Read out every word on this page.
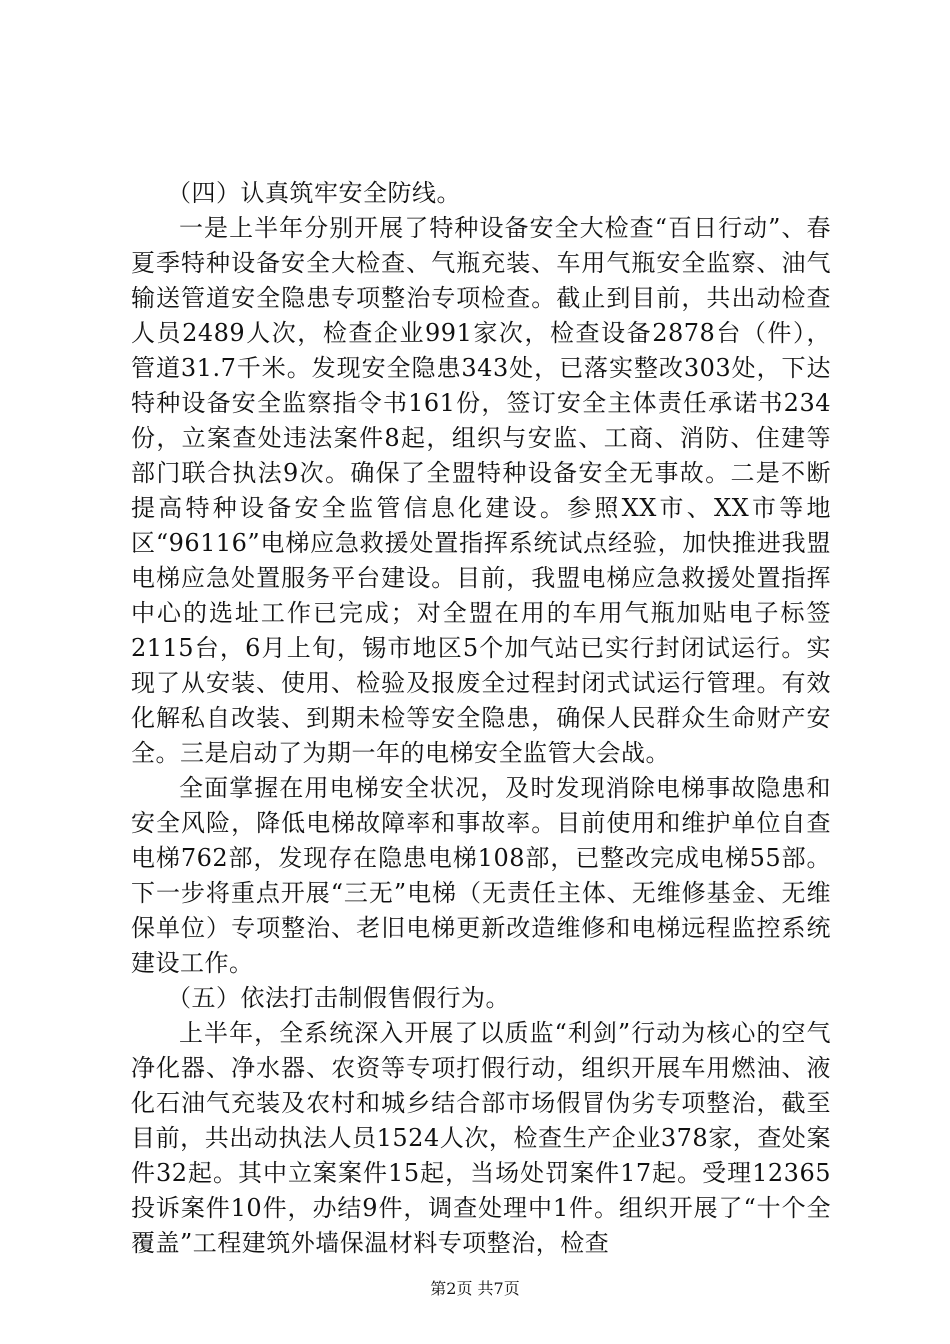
（四）认真筑牢安全防线。

一是上半年分别开展了特种设备安全大检查“百日行动”、春夏季特种设备安全大检查、气瓶充装、车用气瓶安全监察、油气输送管道安全隐患专项整治专项检查。截止到目前，共出动检查人员2489人次，检查企业991家次，检查设备2878台（件），管道31.7千米。发现安全隐患343处，已落实整改303处，下达特种设备安全监察指令书161份，签订安全主体责任承诺书234份，立案查处违法案件8起，组织与安监、工商、消防、住建等部门联合执法9次。确保了全盟特种设备安全无事故。二是不断提高特种设备安全监管信息化建设。参照XX市、XX市等地区“96116”电梯应急救援处置指挥系统试点经验，加快推进我盟电梯应急处置服务平台建设。目前，我盟电梯应急救援处置指挥中心的选址工作已完成；对全盟在用的车用气瓶加贴电子标签2115台，6月上旬，锡市地区5个加气站已实行封闭试运行。实现了从安装、使用、检验及报废全过程封闭式试运行管理。有效化解私自改装、到期未检等安全隐患，确保人民群众生命财产安全。三是启动了为期一年的电梯安全监管大会战。

全面掌握在用电梯安全状况，及时发现消除电梯事故隐患和安全风险，降低电梯故障率和事故率。目前使用和维护单位自查电梯762部，发现存在隐患电梯108部，已整改完成电梯55部。下一步将重点开展“三无”电梯（无责任主体、无维修基金、无维保单位）专项整治、老旧电梯更新改造维修和电梯远程监控系统建设工作。

（五）依法打击制假售假行为。

上半年，全系统深入开展了以质监“利剑”行动为核心的空气净化器、净水器、农资等专项打假行动，组织开展车用燃油、液化石油气充装及农村和城乡结合部市场假冒伪劣专项整治，截至目前，共出动执法人员1524人次，检查生产企业378家，查处案件32起。其中立案案件15起，当场处罚案件17起。受理12365投诉案件10件，办结9件，调查处理中1件。组织开展了“十个全覆盖”工程建筑外墙保温材料专项整治，检查

第2页 共7页
